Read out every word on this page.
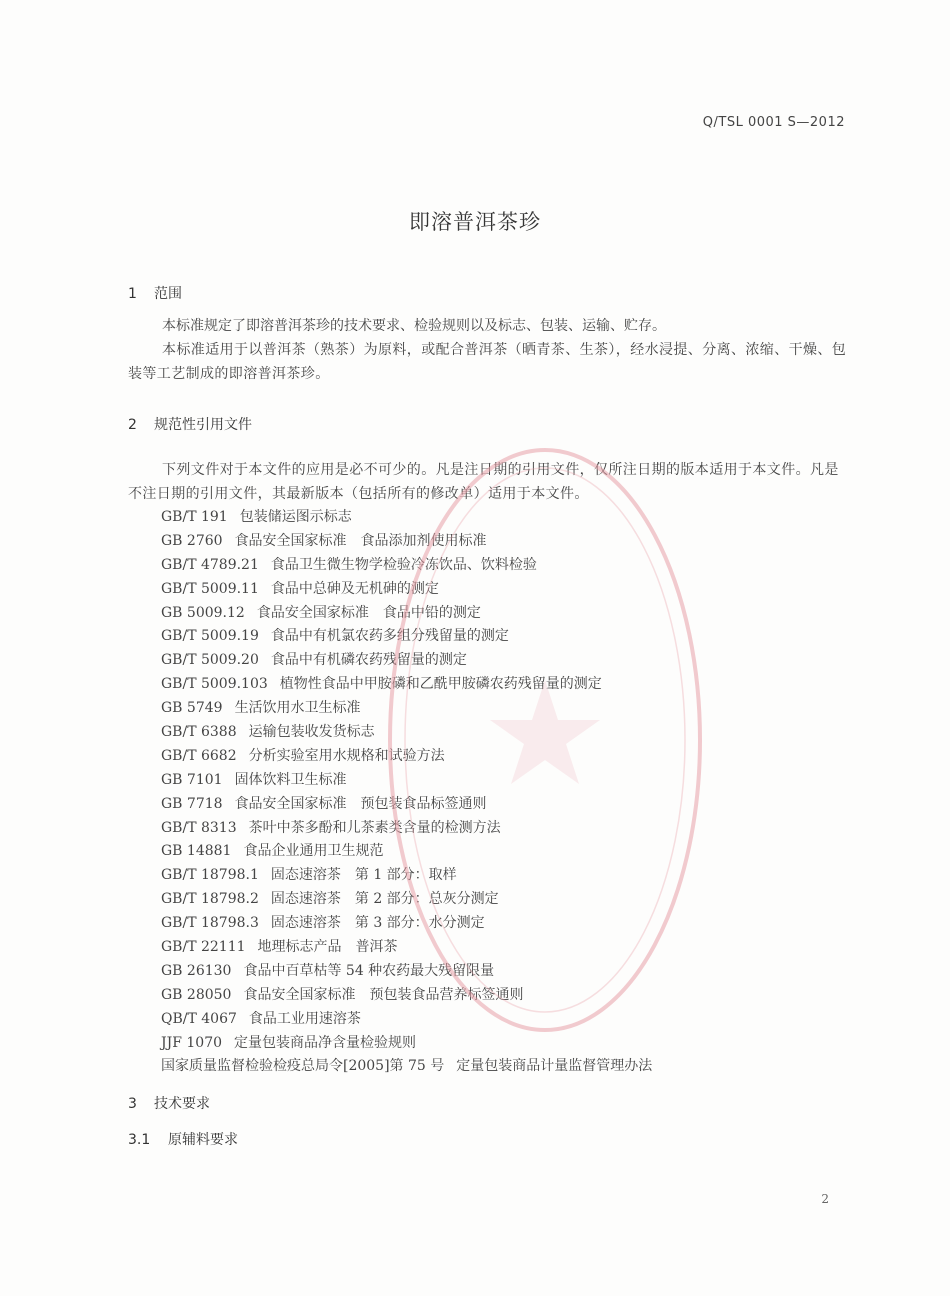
Q/TSL 0001 S—2012
即溶普洱茶珍
1 范围
本标准规定了即溶普洱茶珍的技术要求、检验规则以及标志、包装、运输、贮存。
本标准适用于以普洱茶（熟茶）为原料，或配合普洱茶（晒青茶、生茶），经水浸提、分离、浓缩、干燥、包装等工艺制成的即溶普洱茶珍。
2 规范性引用文件
下列文件对于本文件的应用是必不可少的。凡是注日期的引用文件，仅所注日期的版本适用于本文件。凡是不注日期的引用文件，其最新版本（包括所有的修改单）适用于本文件。
GB/T 191 包装储运图示标志
GB 2760 食品安全国家标准　食品添加剂使用标准
GB/T 4789.21 食品卫生微生物学检验冷冻饮品、饮料检验
GB/T 5009.11 食品中总砷及无机砷的测定
GB 5009.12 食品安全国家标准　食品中铅的测定
GB/T 5009.19 食品中有机氯农药多组分残留量的测定
GB/T 5009.20 食品中有机磷农药残留量的测定
GB/T 5009.103 植物性食品中甲胺磷和乙酰甲胺磷农药残留量的测定
GB 5749 生活饮用水卫生标准
GB/T 6388 运输包装收发货标志
GB/T 6682 分析实验室用水规格和试验方法
GB 7101 固体饮料卫生标准
GB 7718 食品安全国家标准　预包装食品标签通则
GB/T 8313 茶叶中茶多酚和儿茶素类含量的检测方法
GB 14881 食品企业通用卫生规范
GB/T 18798.1 固态速溶茶　第 1 部分：取样
GB/T 18798.2 固态速溶茶　第 2 部分：总灰分测定
GB/T 18798.3 固态速溶茶　第 3 部分：水分测定
GB/T 22111 地理标志产品　普洱茶
GB 26130 食品中百草枯等 54 种农药最大残留限量
GB 28050 食品安全国家标准　预包装食品营养标签通则
QB/T 4067 食品工业用速溶茶
JJF 1070 定量包装商品净含量检验规则
国家质量监督检验检疫总局令[2005]第 75 号 定量包装商品计量监督管理办法
3 技术要求
3.1 原辅料要求
2
